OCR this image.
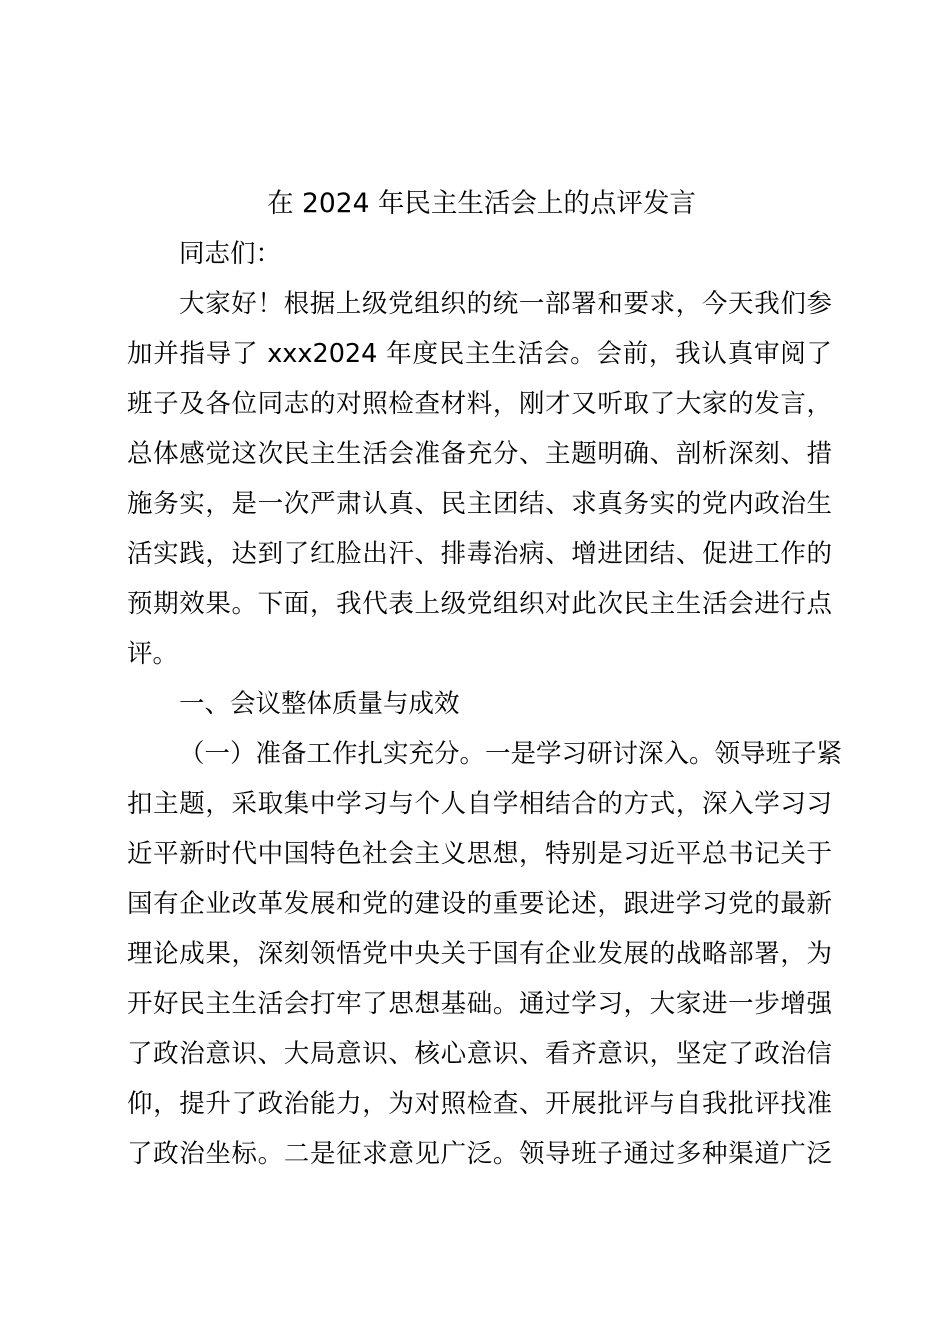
在 2024 年民主生活会上的点评发言
同志们：
大家好！根据上级党组织的统一部署和要求，今天我们参
加并指导了 xxx2024 年度民主生活会。会前，我认真审阅了
班子及各位同志的对照检查材料，刚才又听取了大家的发言，
总体感觉这次民主生活会准备充分、主题明确、剖析深刻、措
施务实，是一次严肃认真、民主团结、求真务实的党内政治生
活实践，达到了红脸出汗、排毒治病、增进团结、促进工作的
预期效果。下面，我代表上级党组织对此次民主生活会进行点
评。
一、会议整体质量与成效
（一）准备工作扎实充分。一是学习研讨深入。领导班子紧
扣主题，采取集中学习与个人自学相结合的方式，深入学习习
近平新时代中国特色社会主义思想，特别是习近平总书记关于
国有企业改革发展和党的建设的重要论述，跟进学习党的最新
理论成果，深刻领悟党中央关于国有企业发展的战略部署，为
开好民主生活会打牢了思想基础。通过学习，大家进一步增强
了政治意识、大局意识、核心意识、看齐意识，坚定了政治信
仰，提升了政治能力，为对照检查、开展批评与自我批评找准
了政治坐标。二是征求意见广泛。领导班子通过多种渠道广泛
